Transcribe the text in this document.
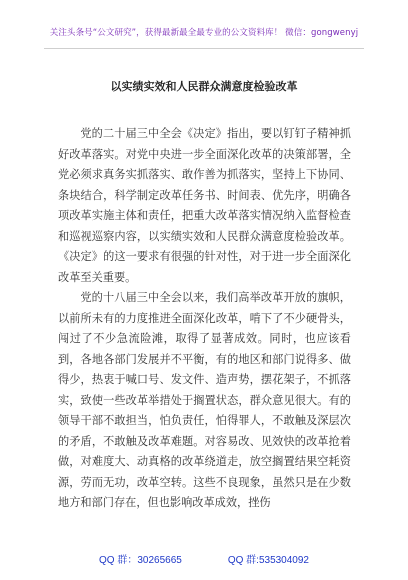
关注头条号“公文研究”，获得最新最全最专业的公文资料库！ 微信：gongwenyj
以实绩实效和人民群众满意度检验改革

党的二十届三中全会《决定》指出，要以钉钉子精神抓好改革落实。对党中央进一步全面深化改革的决策部署，全党必须求真务实抓落实、敢作善为抓落实，坚持上下协同、条块结合，科学制定改革任务书、时间表、优先序，明确各项改革实施主体和责任，把重大改革落实情况纳入监督检查和巡视巡察内容，以实绩实效和人民群众满意度检验改革。《决定》的这一要求有很强的针对性，对于进一步全面深化改革至关重要。

党的十八届三中全会以来，我们高举改革开放的旗帜，以前所未有的力度推进全面深化改革，啃下了不少硬骨头，闯过了不少急流险滩，取得了显著成效。同时，也应该看到，各地各部门发展并不平衡，有的地区和部门说得多、做得少，热衷于喊口号、发文件、造声势，摆花架子，不抓落实，致使一些改革举措处于搁置状态，群众意见很大。有的领导干部不敢担当，怕负责任，怕得罪人，不敢触及深层次的矛盾，不敢触及改革难题。对容易改、见效快的改革抢着做，对难度大、动真格的改革绕道走，放空搁置结果空耗资源，劳而无功，改革空转。这些不良现象，虽然只是在少数地方和部门存在，但也影响改革成效，挫伤

QQ 群：30265665	QQ 群:535304092
